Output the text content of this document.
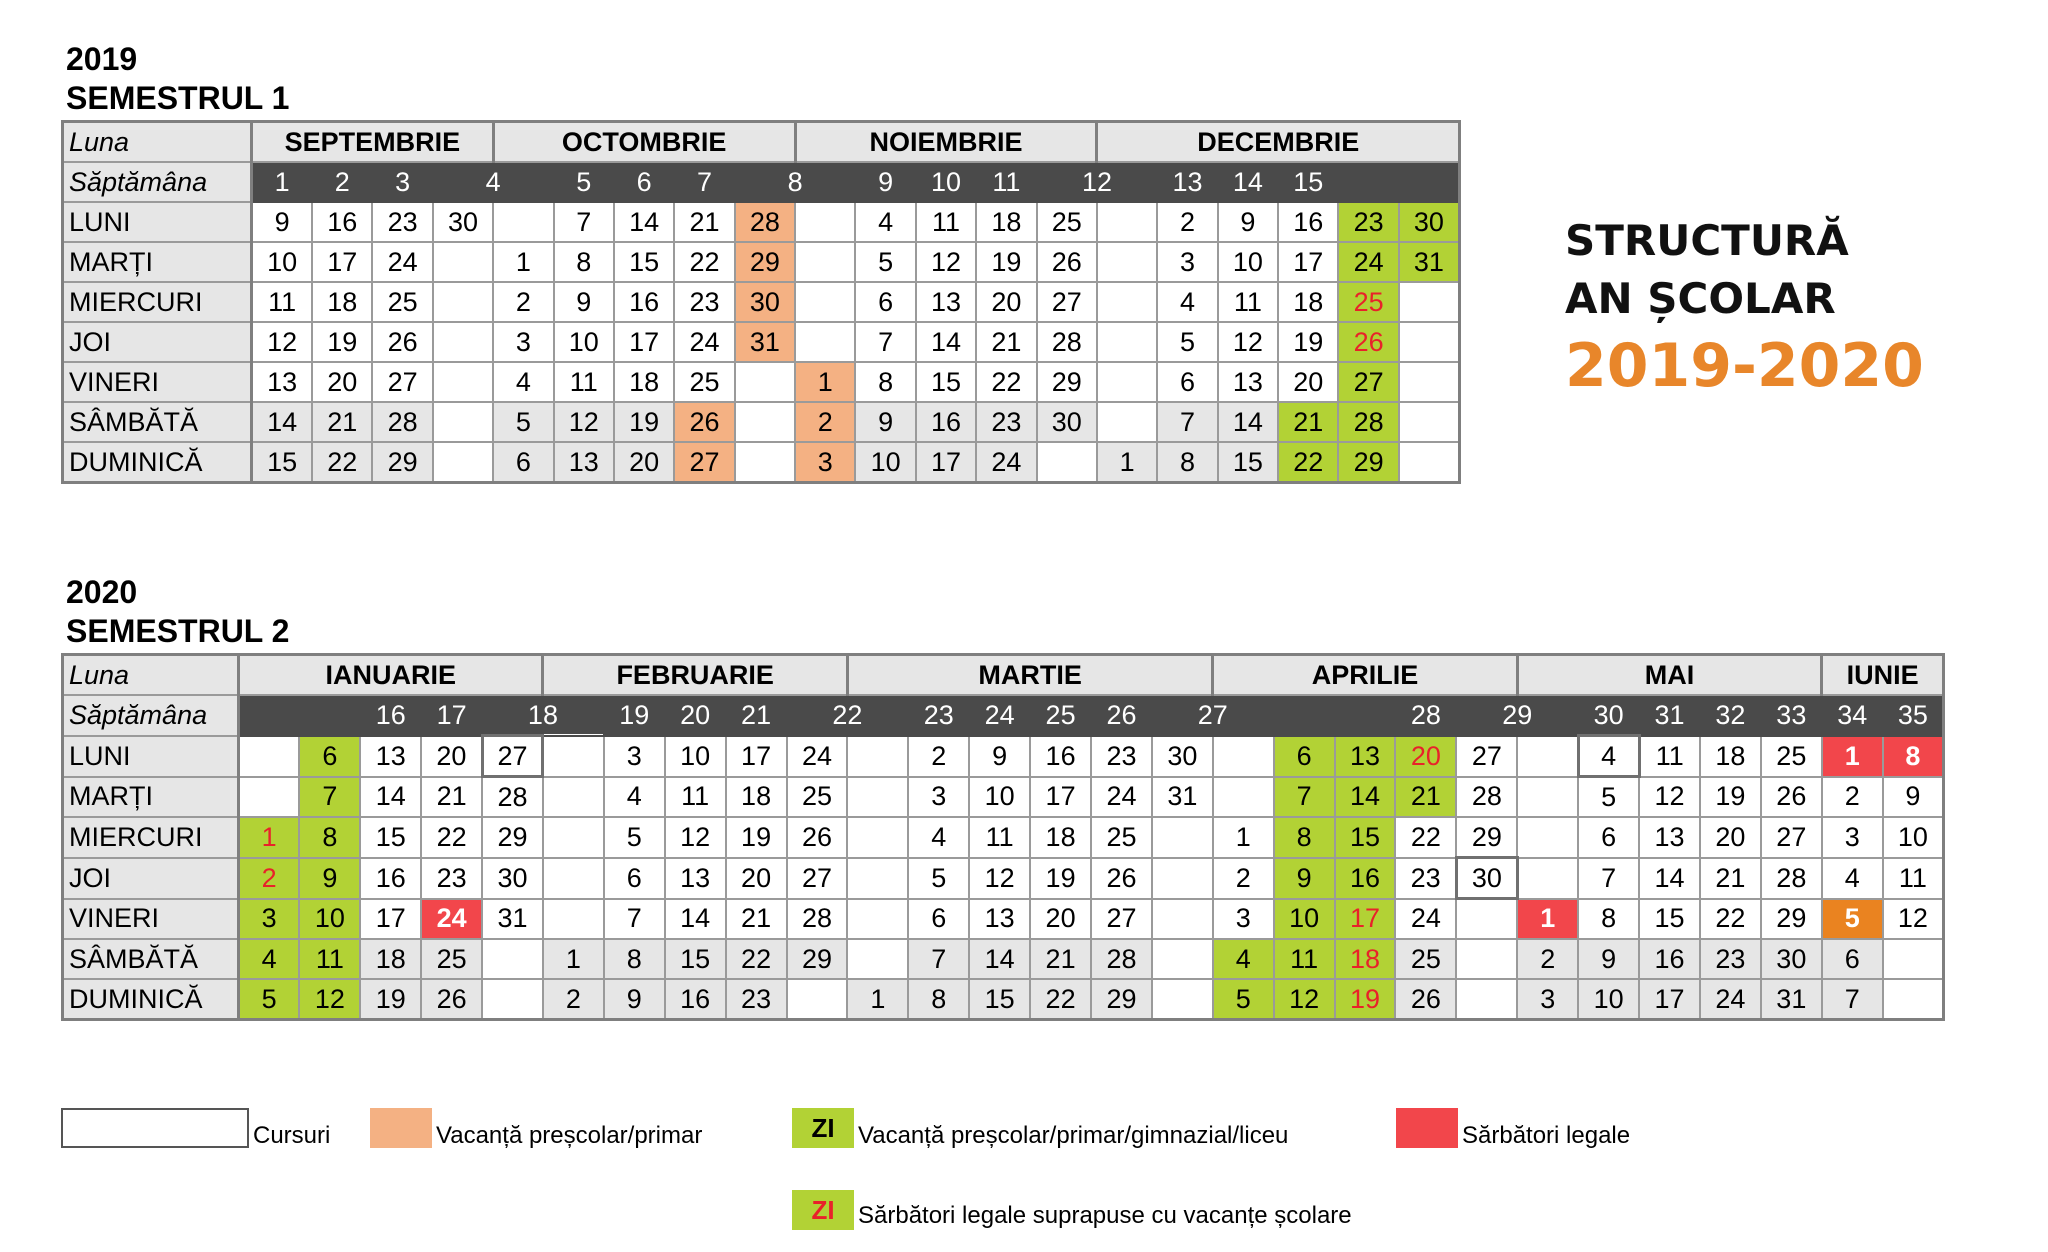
2019
SEMESTRUL 1
Luna	SEPTEMBRIE				OCTOMBRIE					NOIEMBRIE					DECEMBRIE					
Săptămâna	1	2	3	4		5	6	7	8		9	10	11	12		13	14	15		
LUNI	9	16	23	30		7	14	21	28		4	11	18	25		2	9	16	23	30
MARȚI	10	17	24		1	8	15	22	29		5	12	19	26		3	10	17	24	31
MIERCURI	11	18	25		2	9	16	23	30		6	13	20	27		4	11	18	25	
JOI	12	19	26		3	10	17	24	31		7	14	21	28		5	12	19	26	
VINERI	13	20	27		4	11	18	25		1	8	15	22	29		6	13	20	27	
SÂMBĂTĂ	14	21	28		5	12	19	26		2	9	16	23	30		7	14	21	28	
DUMINICĂ	15	22	29		6	13	20	27		3	10	17	24		1	8	15	22	29	
STRUCTURĂ
AN ȘCOLAR
2019-2020
2020
SEMESTRUL 2
Luna	IANUARIE					FEBRUARIE					MARTIE						APRILIE					MAI					IUNIE	
Săptămâna			16	17	18		19	20	21	22		23	24	25	26	27				28	29		30	31	32	33	34	35
LUNI		6	13	20	27		3	10	17	24		2	9	16	23	30		6	13	20	27		4	11	18	25	1	8
MARȚI		7	14	21	28		4	11	18	25		3	10	17	24	31		7	14	21	28		5	12	19	26	2	9
MIERCURI	1	8	15	22	29		5	12	19	26		4	11	18	25		1	8	15	22	29		6	13	20	27	3	10
JOI	2	9	16	23	30		6	13	20	27		5	12	19	26		2	9	16	23	30		7	14	21	28	4	11
VINERI	3	10	17	24	31		7	14	21	28		6	13	20	27		3	10	17	24		1	8	15	22	29	5	12
SÂMBĂTĂ	4	11	18	25		1	8	15	22	29		7	14	21	28		4	11	18	25		2	9	16	23	30	6	
DUMINICĂ	5	12	19	26		2	9	16	23		1	8	15	22	29		5	12	19	26		3	10	17	24	31	7	
Cursuri	Vacanță preșcolar/primar	ZI Vacanță preșcolar/primar/gimnazial/liceu	Sărbători legale
ZI Sărbători legale suprapuse cu vacanțe școlare
